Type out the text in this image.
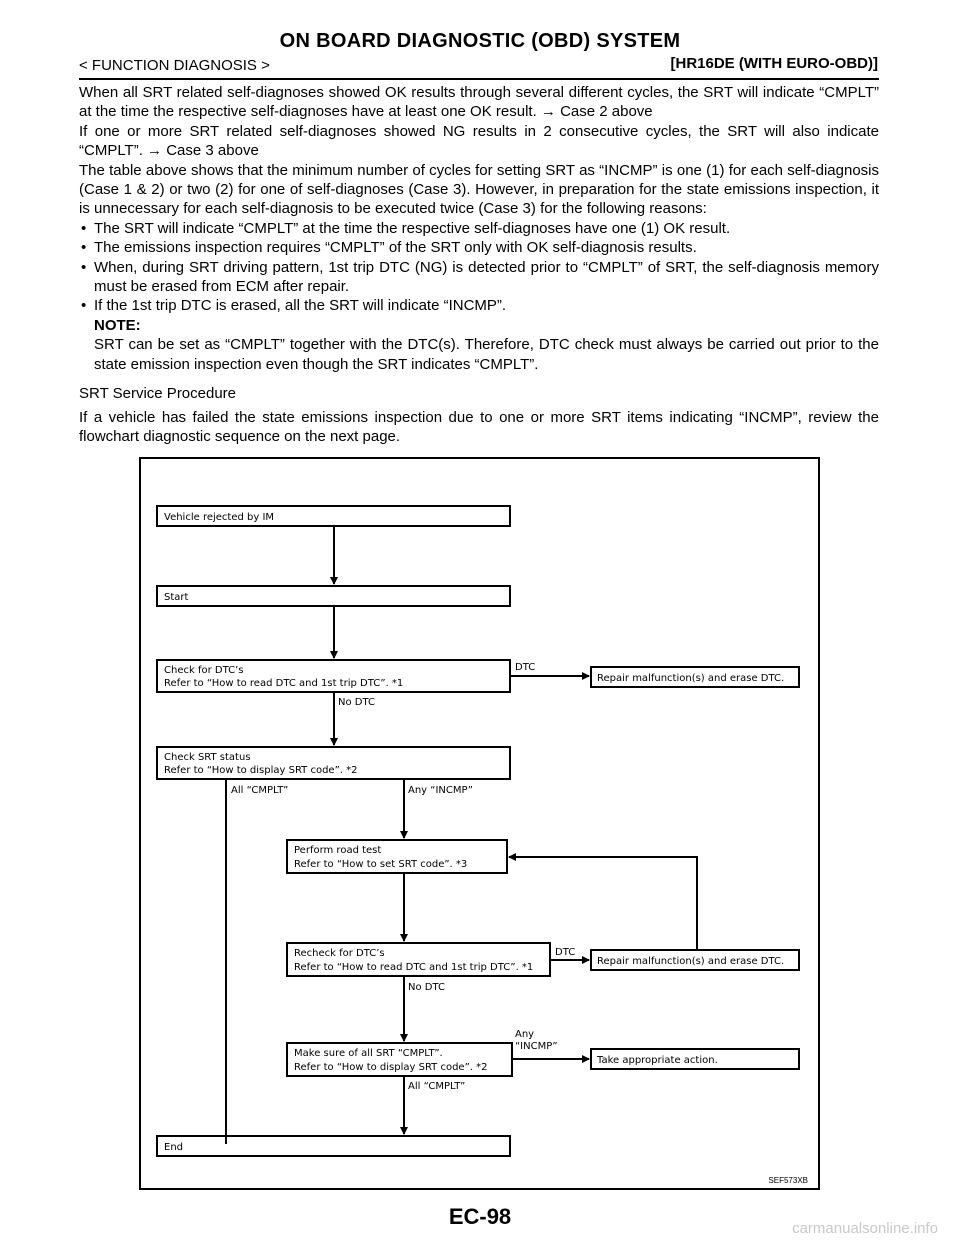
ON BOARD DIAGNOSTIC (OBD) SYSTEM
< FUNCTION DIAGNOSIS >	[HR16DE (WITH EURO-OBD)]

When all SRT related self-diagnoses showed OK results through several different cycles, the SRT will indicate “CMPLT” at the time the respective self-diagnoses have at least one OK result. → Case 2 above

If one or more SRT related self-diagnoses showed NG results in 2 consecutive cycles, the SRT will also indicate “CMPLT”. → Case 3 above

The table above shows that the minimum number of cycles for setting SRT as “INCMP” is one (1) for each self-diagnosis (Case 1 & 2) or two (2) for one of self-diagnoses (Case 3). However, in preparation for the state emissions inspection, it is unnecessary for each self-diagnosis to be executed twice (Case 3) for the following reasons:

• The SRT will indicate “CMPLT” at the time the respective self-diagnoses have one (1) OK result.
• The emissions inspection requires “CMPLT” of the SRT only with OK self-diagnosis results.
• When, during SRT driving pattern, 1st trip DTC (NG) is detected prior to “CMPLT” of SRT, the self-diagnosis memory must be erased from ECM after repair.
• If the 1st trip DTC is erased, all the SRT will indicate “INCMP”.
NOTE:
SRT can be set as “CMPLT” together with the DTC(s). Therefore, DTC check must always be carried out prior to the state emission inspection even though the SRT indicates “CMPLT”.
SRT Service Procedure

If a vehicle has failed the state emissions inspection due to one or more SRT items indicating “INCMP”, review the flowchart diagnostic sequence on the next page.

Vehicle rejected by IM
Start
Check for DTC’s
Refer to “How to read DTC and 1st trip DTC”. *1
DTC
Repair malfunction(s) and erase DTC.
No DTC
Check SRT status
Refer to “How to display SRT code”. *2
All “CMPLT”	Any “INCMP”
Perform road test
Refer to “How to set SRT code”. *3
Recheck for DTC’s
Refer to “How to read DTC and 1st trip DTC”. *1
DTC
Repair malfunction(s) and erase DTC.
No DTC
Any
“INCMP”
Make sure of all SRT “CMPLT”.
Refer to “How to display SRT code”. *2
Take appropriate action.
All “CMPLT”
End
SEF573XB
EC-98	carmanualsonline.info
